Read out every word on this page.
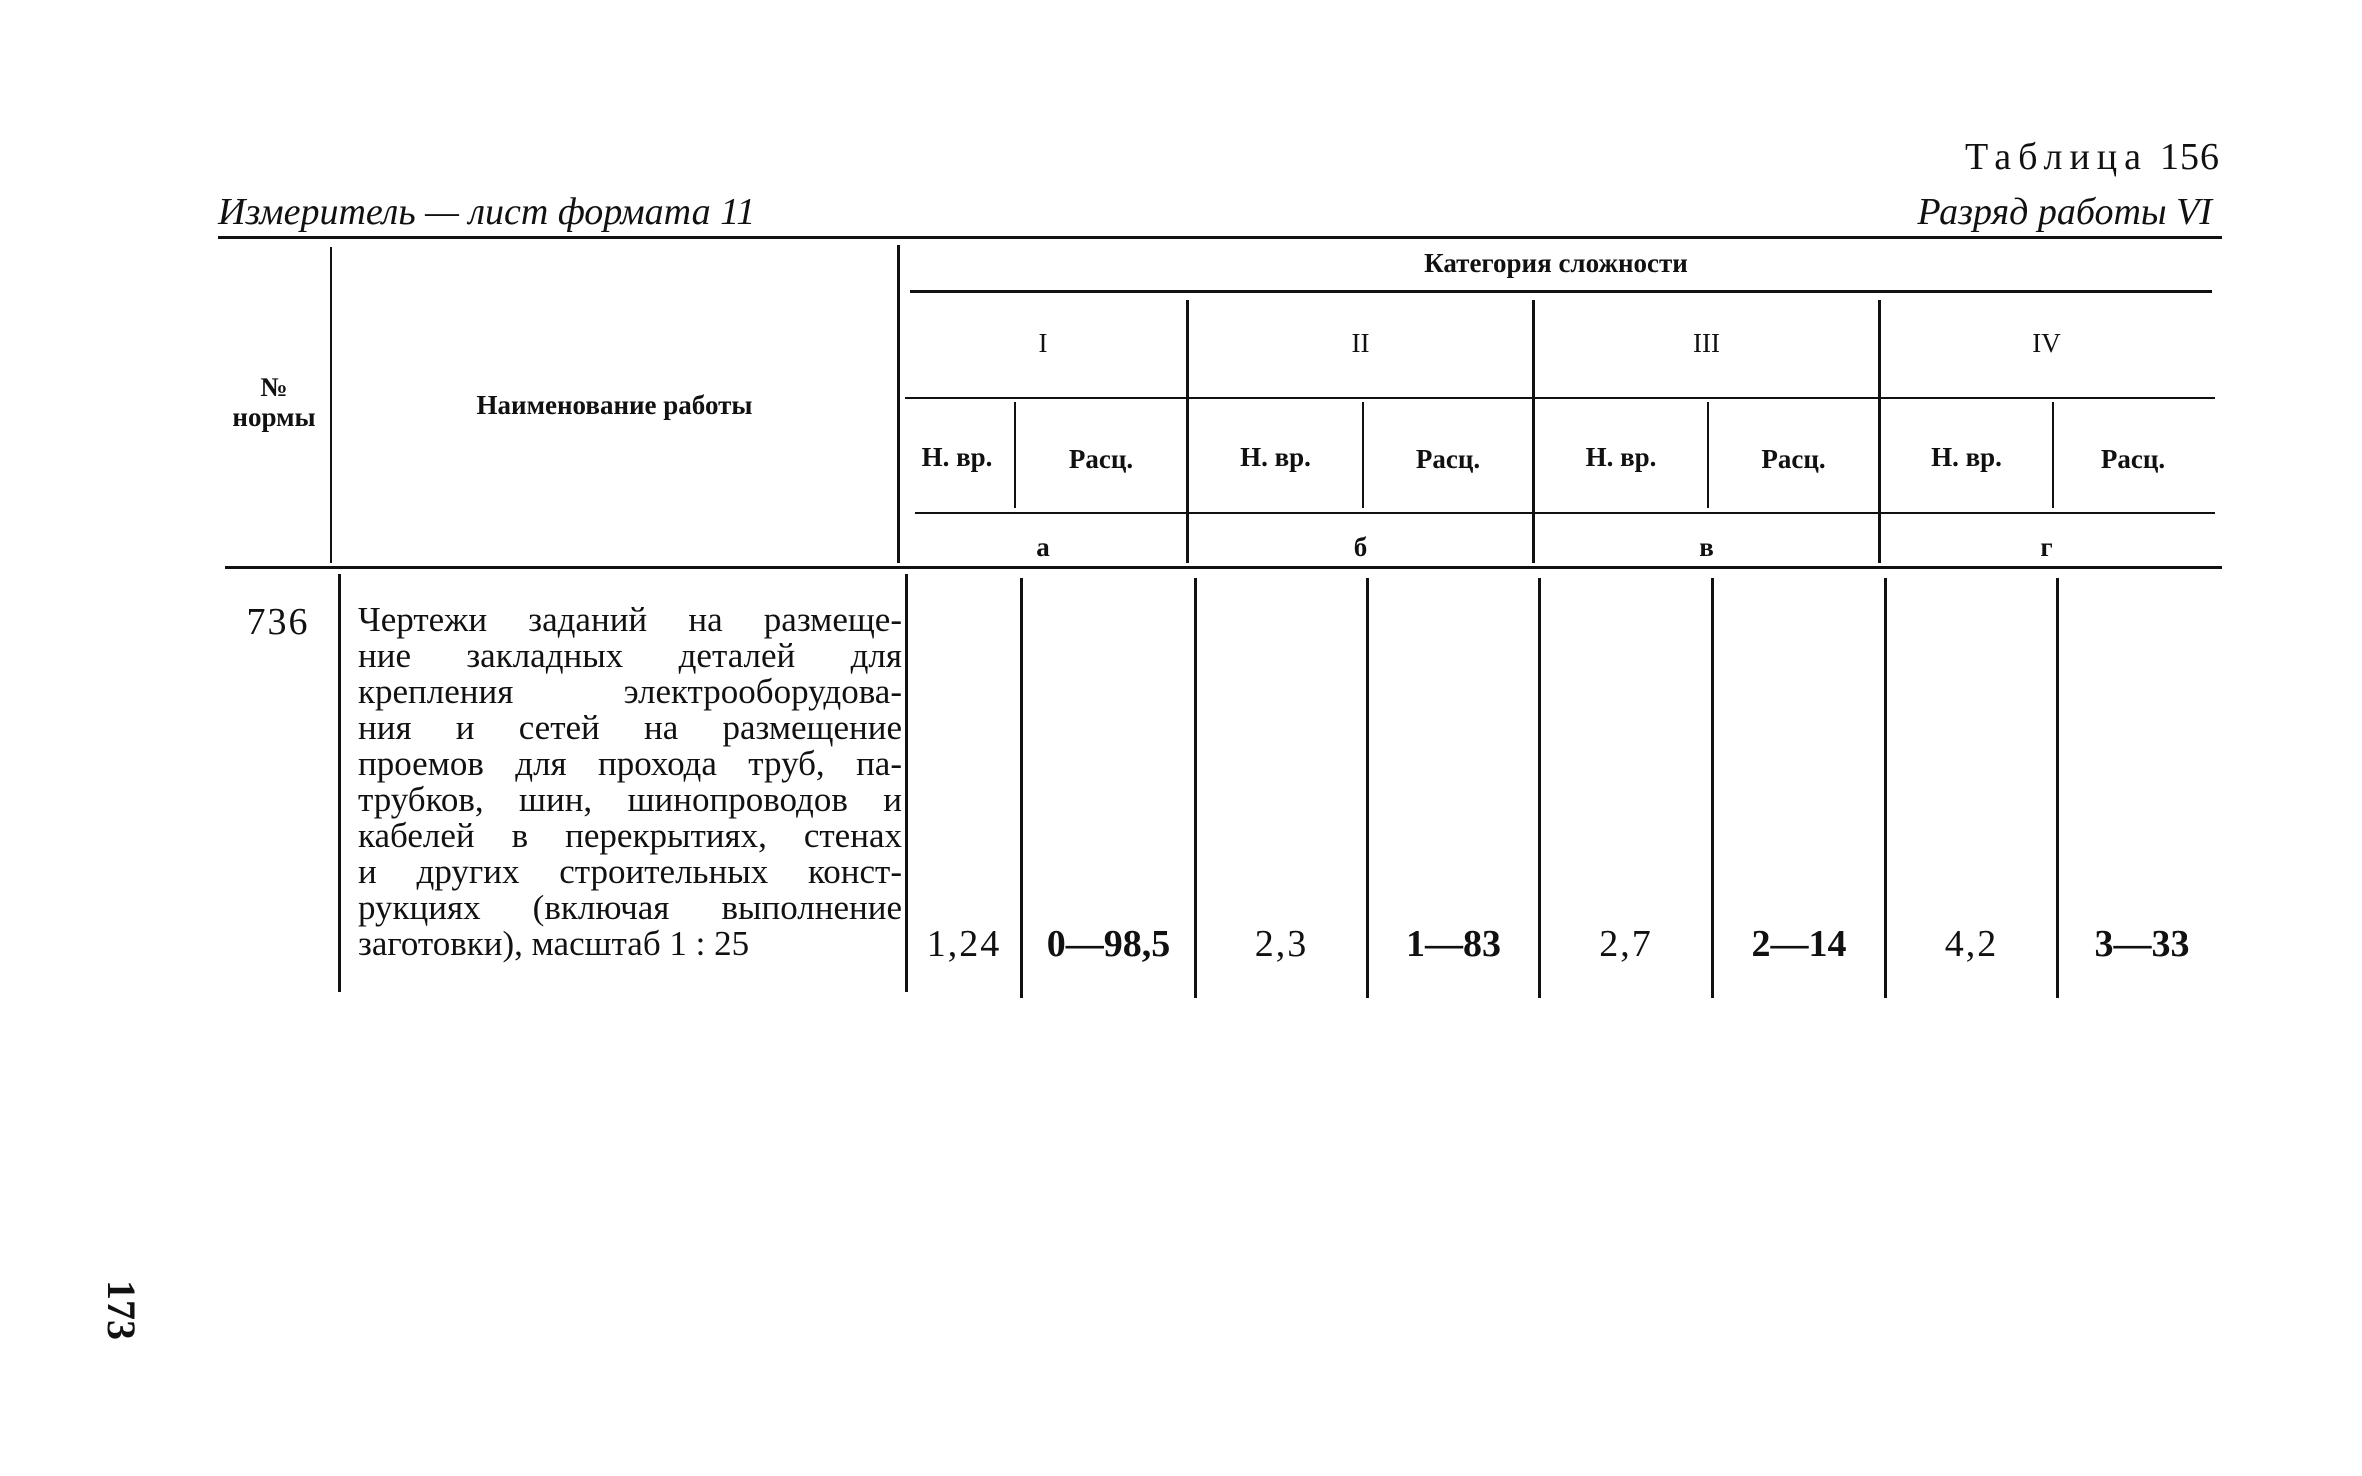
Таблица 156
Измеритель — лист формата 11	Разряд работы VI
№
нормы	Наименование работы
Категория сложности
I	II	III	IV
Н. вр.	Расц.	Н. вр.	Расц.	Н. вр.	Расц.	Н. вр.	Расц.
а	б	в	г
736	Чертежи заданий на размеще-
ние закладных деталей для
крепления электрооборудова-
ния и сетей на размещение
проемов для прохода труб, па-
трубков, шин, шинопроводов и
кабелей в перекрытиях, стенах
и других строительных конст-
рукциях (включая выполнение
заготовки), масштаб 1 : 25	1,24	0—98,5	2,3	1—83	2,7	2—14	4,2	3—33
173
